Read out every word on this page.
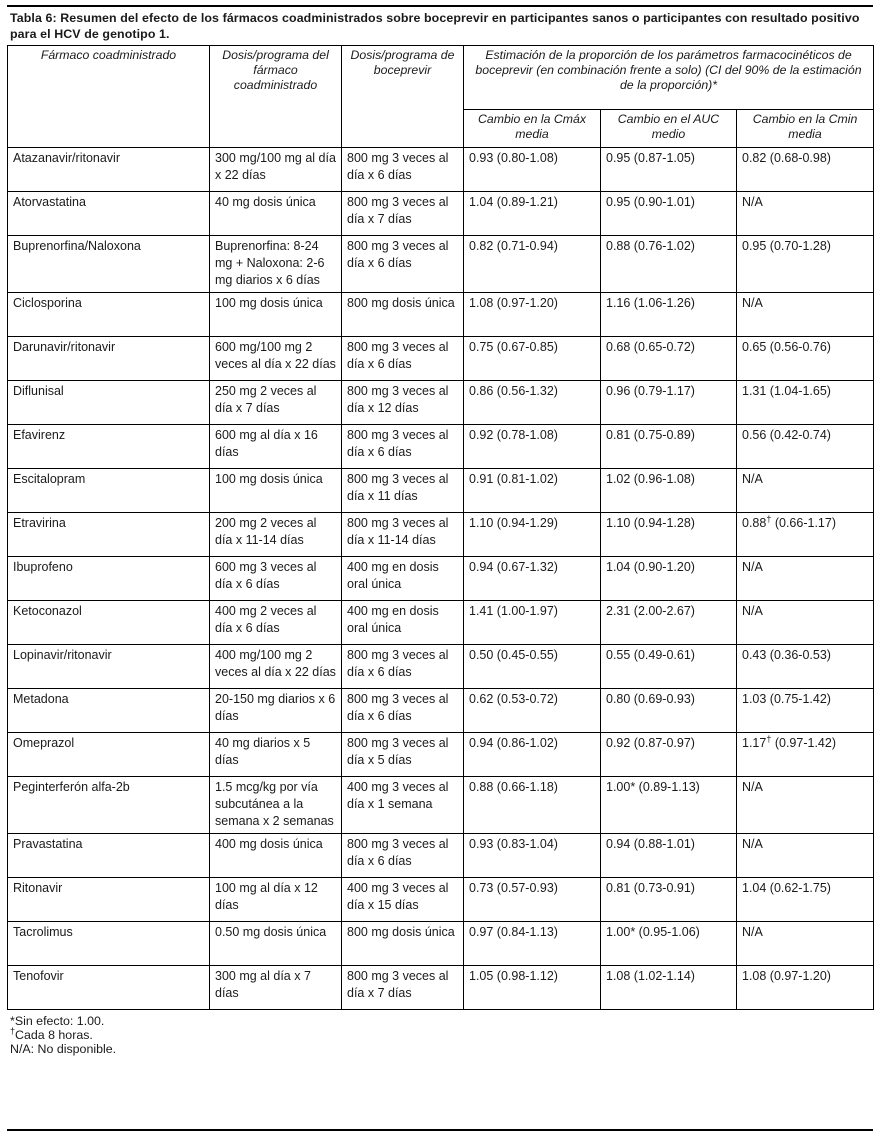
Tabla 6: Resumen del efecto de los fármacos coadministrados sobre boceprevir en participantes sanos o participantes con resultado positivo para el HCV de genotipo 1.
Fármaco coadministrado	Dosis/programa del fármaco coadministrado	Dosis/programa de boceprevir	Estimación de la proporción de los parámetros farmacocinéticos de boceprevir (en combinación frente a solo) (CI del 90% de la estimación de la proporción)*		
			Cambio en la Cmáx media	Cambio en el AUC medio	Cambio en la Cmin media
Atazanavir/ritonavir	300 mg/100 mg al día x 22 días	800 mg 3 veces al día x 6 días	0.93 (0.80-1.08)	0.95 (0.87-1.05)	0.82 (0.68-0.98)
Atorvastatina	40 mg dosis única	800 mg 3 veces al día x 7 días	1.04 (0.89-1.21)	0.95 (0.90-1.01)	N/A
Buprenorfina/Naloxona	Buprenorfina: 8-24 mg + Naloxona: 2-6 mg diarios x 6 días	800 mg 3 veces al día x 6 días	0.82 (0.71-0.94)	0.88 (0.76-1.02)	0.95 (0.70-1.28)
Ciclosporina	100 mg dosis única	800 mg dosis única	1.08 (0.97-1.20)	1.16 (1.06-1.26)	N/A
Darunavir/ritonavir	600 mg/100 mg 2 veces al día x 22 días	800 mg 3 veces al día x 6 días	0.75 (0.67-0.85)	0.68 (0.65-0.72)	0.65 (0.56-0.76)
Diflunisal	250 mg 2 veces al día x 7 días	800 mg 3 veces al día x 12 días	0.86 (0.56-1.32)	0.96 (0.79-1.17)	1.31 (1.04-1.65)
Efavirenz	600 mg al día x 16 días	800 mg 3 veces al día x 6 días	0.92 (0.78-1.08)	0.81 (0.75-0.89)	0.56 (0.42-0.74)
Escitalopram	100 mg dosis única	800 mg 3 veces al día x 11 días	0.91 (0.81-1.02)	1.02 (0.96-1.08)	N/A
Etravirina	200 mg 2 veces al día x 11-14 días	800 mg 3 veces al día x 11-14 días	1.10 (0.94-1.29)	1.10 (0.94-1.28)	0.88† (0.66-1.17)
Ibuprofeno	600 mg 3 veces al día x 6 días	400 mg en dosis oral única	0.94 (0.67-1.32)	1.04 (0.90-1.20)	N/A
Ketoconazol	400 mg 2 veces al día x 6 días	400 mg en dosis oral única	1.41 (1.00-1.97)	2.31 (2.00-2.67)	N/A
Lopinavir/ritonavir	400 mg/100 mg 2 veces al día x 22 días	800 mg 3 veces al día x 6 días	0.50 (0.45-0.55)	0.55 (0.49-0.61)	0.43 (0.36-0.53)
Metadona	20-150 mg diarios x 6 días	800 mg 3 veces al día x 6 días	0.62 (0.53-0.72)	0.80 (0.69-0.93)	1.03 (0.75-1.42)
Omeprazol	40 mg diarios x 5 días	800 mg 3 veces al día x 5 días	0.94 (0.86-1.02)	0.92 (0.87-0.97)	1.17† (0.97-1.42)
Peginterferón alfa-2b	1.5 mcg/kg por vía subcutánea a la semana x 2 semanas	400 mg 3 veces al día x 1 semana	0.88 (0.66-1.18)	1.00* (0.89-1.13)	N/A
Pravastatina	400 mg dosis única	800 mg 3 veces al día x 6 días	0.93 (0.83-1.04)	0.94 (0.88-1.01)	N/A
Ritonavir	100 mg al día x 12 días	400 mg 3 veces al día x 15 días	0.73 (0.57-0.93)	0.81 (0.73-0.91)	1.04 (0.62-1.75)
Tacrolimus	0.50 mg dosis única	800 mg dosis única	0.97 (0.84-1.13)	1.00* (0.95-1.06)	N/A
Tenofovir	300 mg al día x 7 días	800 mg 3 veces al día x 7 días	1.05 (0.98-1.12)	1.08 (1.02-1.14)	1.08 (0.97-1.20)
*Sin efecto: 1.00.
†Cada 8 horas.
N/A: No disponible.
